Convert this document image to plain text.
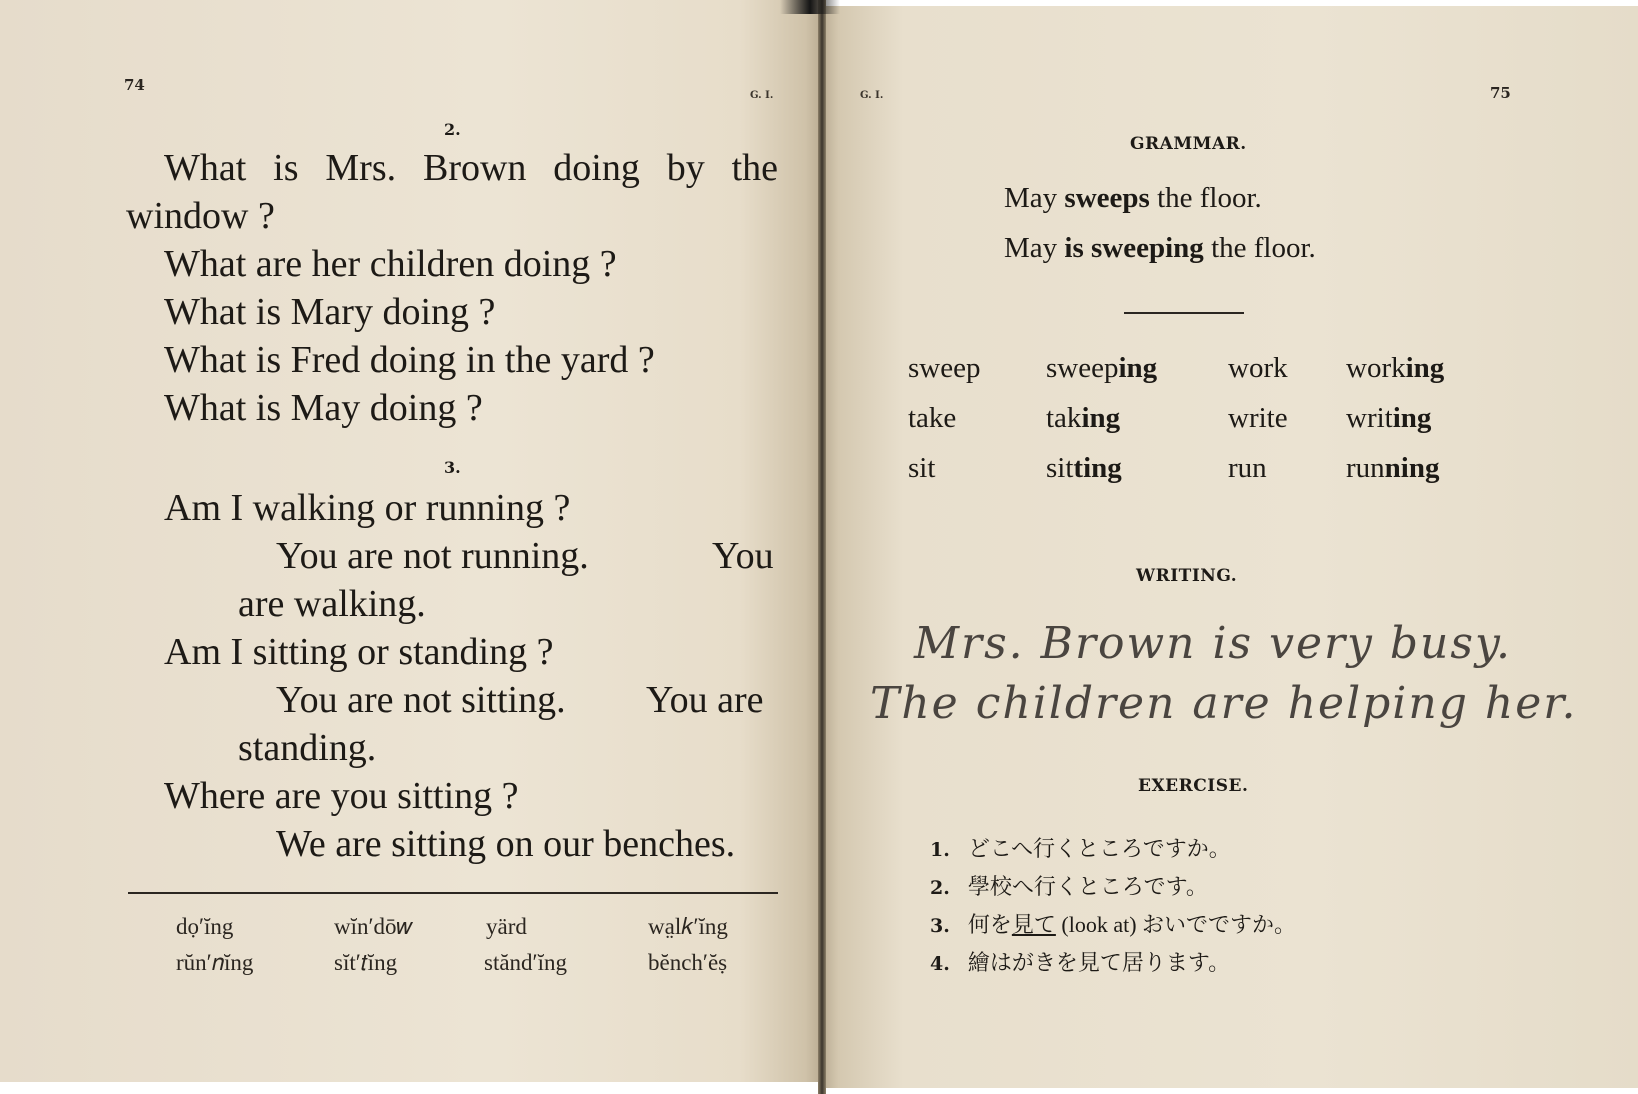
74
G. I.
2.
What is Mrs. Brown doing by the
window ?
What are her children doing ?
What is Mary doing ?
What is Fred doing in the yard ?
What is May doing ?
3.
Am I walking or running ?
You are not running.	You
are walking.
Am I sitting or standing ?
You are not sitting. You are
standing.
Where are you sitting ?
We are sitting on our benches.
dọ′ĭng	wĭn′dō𝑤	yärd	wa̤l𝑘′ĭng
rŭn′𝑛ĭng	sĭt′𝑡ĭng	stănd′ĭng	bĕnch′ĕṣ
G. I.	75
GRAMMAR.
May sweeps the floor.
May is sweeping the floor.
sweep sweeping work working
take	taking	write writing
sit	sitting	run	running
WRITING.
Mrs. Brown is very busy.
The children are helping her.
EXERCISE.
1. どこへ行くところですか。
2. 學校へ行くところです。
3. 何を見て (look at) おいでですか。
4. 繪はがきを見て居ります。
